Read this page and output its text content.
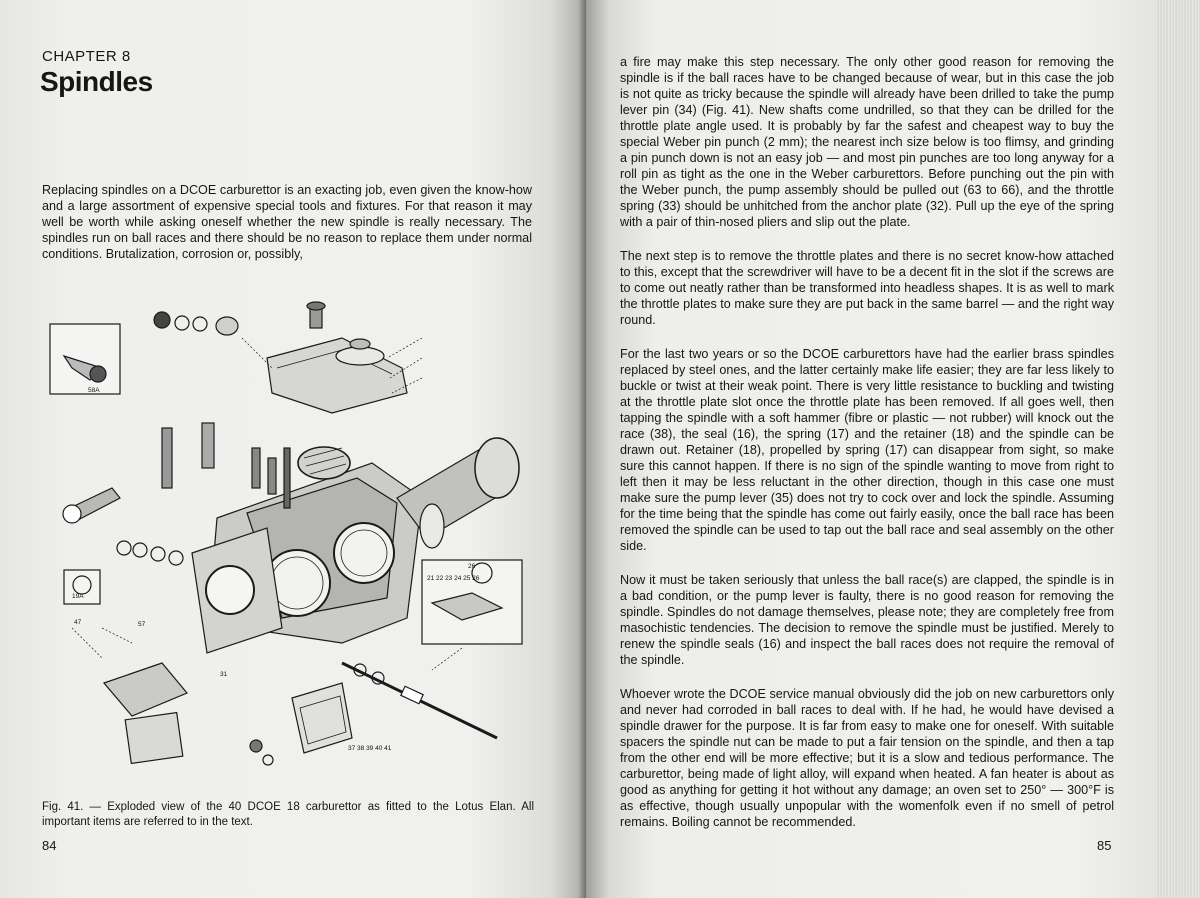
CHAPTER 8
Spindles

Replacing spindles on a DCOE carburettor is an exacting job, even given the know-how and a large assortment of expensive special tools and fixtures. For that reason it may well be worth while asking oneself whether the new spindle is really necessary. The spindles run on ball races and there should be no reason to replace them under normal conditions. Brutalization, corrosion or, possibly,

58A
19A
26
21 22 23 24 25 26
31
37 38 39 40 41
47	57
Fig. 41. — Exploded view of the 40 DCOE 18 carburettor as fitted to the Lotus Elan. All important items are referred to in the text.
84

a fire may make this step necessary. The only other good reason for removing the spindle is if the ball races have to be changed because of wear, but in this case the job is not quite as tricky because the spindle will already have been drilled to take the pump lever pin (34) (Fig. 41). New shafts come undrilled, so that they can be drilled for the throttle plate angle used. It is probably by far the safest and cheapest way to buy the special Weber pin punch (2 mm); the nearest inch size below is too flimsy, and grinding a pin punch down is not an easy job — and most pin punches are too long anyway for a roll pin as tight as the one in the Weber carburettors. Before punching out the pin with the Weber punch, the pump assembly should be pulled out (63 to 66), and the throttle spring (33) should be unhitched from the anchor plate (32). Pull up the eye of the spring with a pair of thin-nosed pliers and slip out the plate.

The next step is to remove the throttle plates and there is no secret know-how attached to this, except that the screwdriver will have to be a decent fit in the slot if the screws are to come out neatly rather than be transformed into headless shapes. It is as well to mark the throttle plates to make sure they are put back in the same barrel — and the right way round.

For the last two years or so the DCOE carburettors have had the earlier brass spindles replaced by steel ones, and the latter certainly make life easier; they are far less likely to buckle or twist at their weak point. There is very little resistance to buckling and twisting at the throttle plate slot once the throttle plate has been removed. If all goes well, then tapping the spindle with a soft hammer (fibre or plastic — not rubber) will knock out the race (38), the seal (16), the spring (17) and the retainer (18) and the spindle can be drawn out. Retainer (18), propelled by spring (17) can disappear from sight, so make sure this cannot happen. If there is no sign of the spindle wanting to move from right to left then it may be less reluctant in the other direction, though in this case one must make sure the pump lever (35) does not try to cock over and lock the spindle. Assuming for the time being that the spindle has come out fairly easily, once the ball race has been removed the spindle can be used to tap out the ball race and seal assembly on the other side.

Now it must be taken seriously that unless the ball race(s) are clapped, the spindle is in a bad condition, or the pump lever is faulty, there is no good reason for removing the spindle. Spindles do not damage themselves, please note; they are completely free from masochistic tendencies. The decision to remove the spindle must be justified. Merely to renew the spindle seals (16) and inspect the ball races does not require the removal of the spindle.

Whoever wrote the DCOE service manual obviously did the job on new carburettors only and never had corroded in ball races to deal with. If he had, he would have devised a spindle drawer for the purpose. It is far from easy to make one for oneself. With suitable spacers the spindle nut can be made to put a fair tension on the spindle, and then a tap from the other end will be more effective; but it is a slow and tedious performance. The carburettor, being made of light alloy, will expand when heated. A fan heater is about as good as anything for getting it hot without any damage; an oven set to 250° — 300°F is as effective, though usually unpopular with the womenfolk even if no smell of petrol remains. Boiling cannot be recommended.

85
